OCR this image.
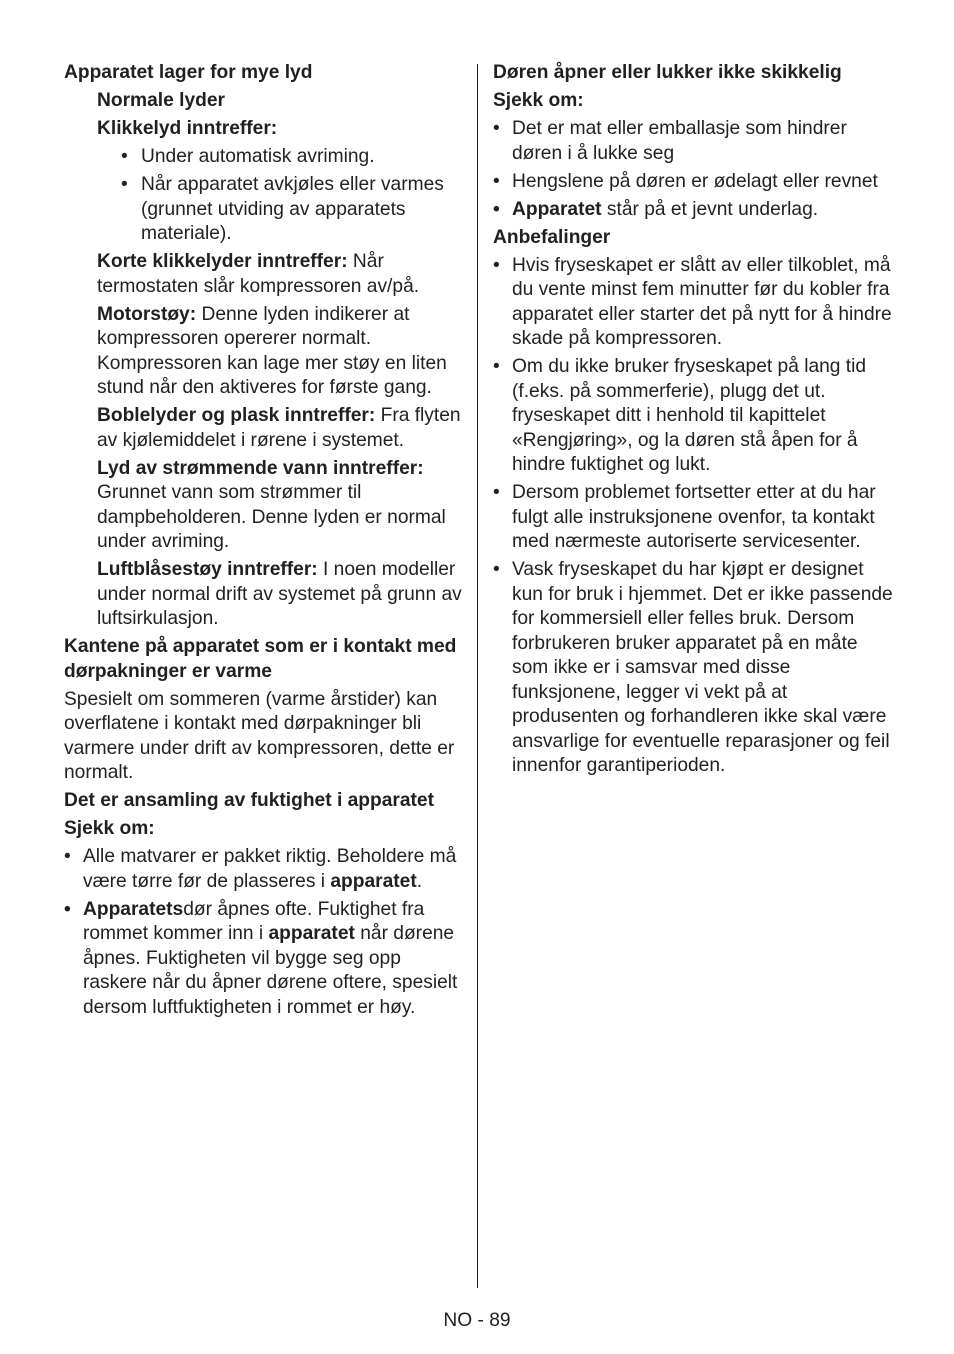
Apparatet lager for mye lyd
Normale lyder
Klikkelyd inntreffer:
• Under automatisk avriming.
• Når apparatet avkjøles eller varmes (grunnet utviding av apparatets materiale).
Korte klikkelyder inntreffer: Når termostaten slår kompressoren av/på.
Motorstøy: Denne lyden indikerer at kompressoren opererer normalt. Kompressoren kan lage mer støy en liten stund når den aktiveres for første gang.
Boblelyder og plask inntreffer: Fra flyten av kjølemiddelet i rørene i systemet.
Lyd av strømmende vann inntreffer: Grunnet vann som strømmer til dampbeholderen. Denne lyden er normal under avriming.
Luftblåsestøy inntreffer: I noen modeller under normal drift av systemet på grunn av luftsirkulasjon.
Kantene på apparatet som er i kontakt med dørpakninger er varme
Spesielt om sommeren (varme årstider) kan overflatene i kontakt med dørpakninger bli varmere under drift av kompressoren, dette er normalt.
Det er ansamling av fuktighet i apparatet
Sjekk om:
• Alle matvarer er pakket riktig. Beholdere må være tørre før de plasseres i apparatet.
• Apparatetsdør åpnes ofte. Fuktighet fra rommet kommer inn i apparatet når dørene åpnes. Fuktigheten vil bygge seg opp raskere når du åpner dørene oftere, spesielt dersom luftfuktigheten i rommet er høy.
Døren åpner eller lukker ikke skikkelig
Sjekk om:
• Det er mat eller emballasje som hindrer døren i å lukke seg
• Hengslene på døren er ødelagt eller revnet
• Apparatet står på et jevnt underlag.
Anbefalinger
• Hvis fryseskapet er slått av eller tilkoblet, må du vente minst fem minutter før du kobler fra apparatet eller starter det på nytt for å hindre skade på kompressoren.
• Om du ikke bruker fryseskapet på lang tid (f.eks. på sommerferie), plugg det ut. fryseskapet ditt i henhold til kapittelet «Rengjøring», og la døren stå åpen for å hindre fuktighet og lukt.
• Dersom problemet fortsetter etter at du har fulgt alle instruksjonene ovenfor, ta kontakt med nærmeste autoriserte servicesenter.
• Vask fryseskapet du har kjøpt er designet kun for bruk i hjemmet. Det er ikke passende for kommersiell eller felles bruk. Dersom forbrukeren bruker apparatet på en måte som ikke er i samsvar med disse funksjonene, legger vi vekt på at produsenten og forhandleren ikke skal være ansvarlige for eventuelle reparasjoner og feil innenfor garantiperioden.
NO - 89
